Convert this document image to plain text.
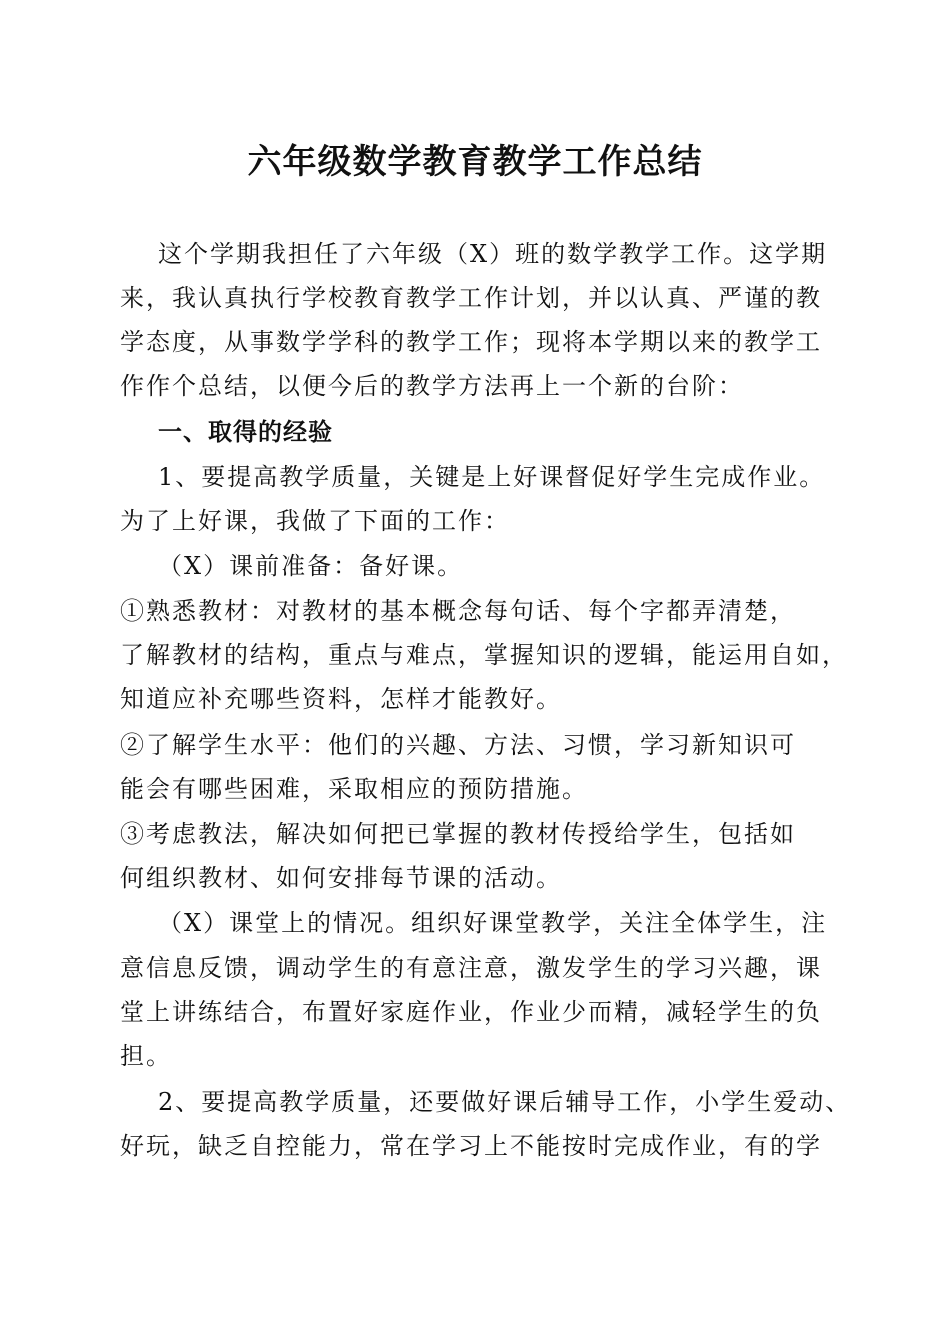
六年级数学教育教学工作总结

这个学期我担任了六年级（X）班的数学教学工作。这学期

来，我认真执行学校教育教学工作计划，并以认真、严谨的教

学态度，从事数学学科的教学工作；现将本学期以来的教学工

作作个总结，以便今后的教学方法再上一个新的台阶：

一、取得的经验

1、要提高教学质量，关键是上好课督促好学生完成作业。

为了上好课，我做了下面的工作：

（X）课前准备：备好课。

①熟悉教材：对教材的基本概念每句话、每个字都弄清楚，

了解教材的结构，重点与难点，掌握知识的逻辑，能运用自如，

知道应补充哪些资料，怎样才能教好。

②了解学生水平：他们的兴趣、方法、习惯，学习新知识可

能会有哪些困难，采取相应的预防措施。

③考虑教法，解决如何把已掌握的教材传授给学生，包括如

何组织教材、如何安排每节课的活动。

（X）课堂上的情况。组织好课堂教学，关注全体学生，注

意信息反馈，调动学生的有意注意，激发学生的学习兴趣，课

堂上讲练结合，布置好家庭作业，作业少而精，减轻学生的负

担。

2、要提高教学质量，还要做好课后辅导工作，小学生爱动、

好玩，缺乏自控能力，常在学习上不能按时完成作业，有的学
